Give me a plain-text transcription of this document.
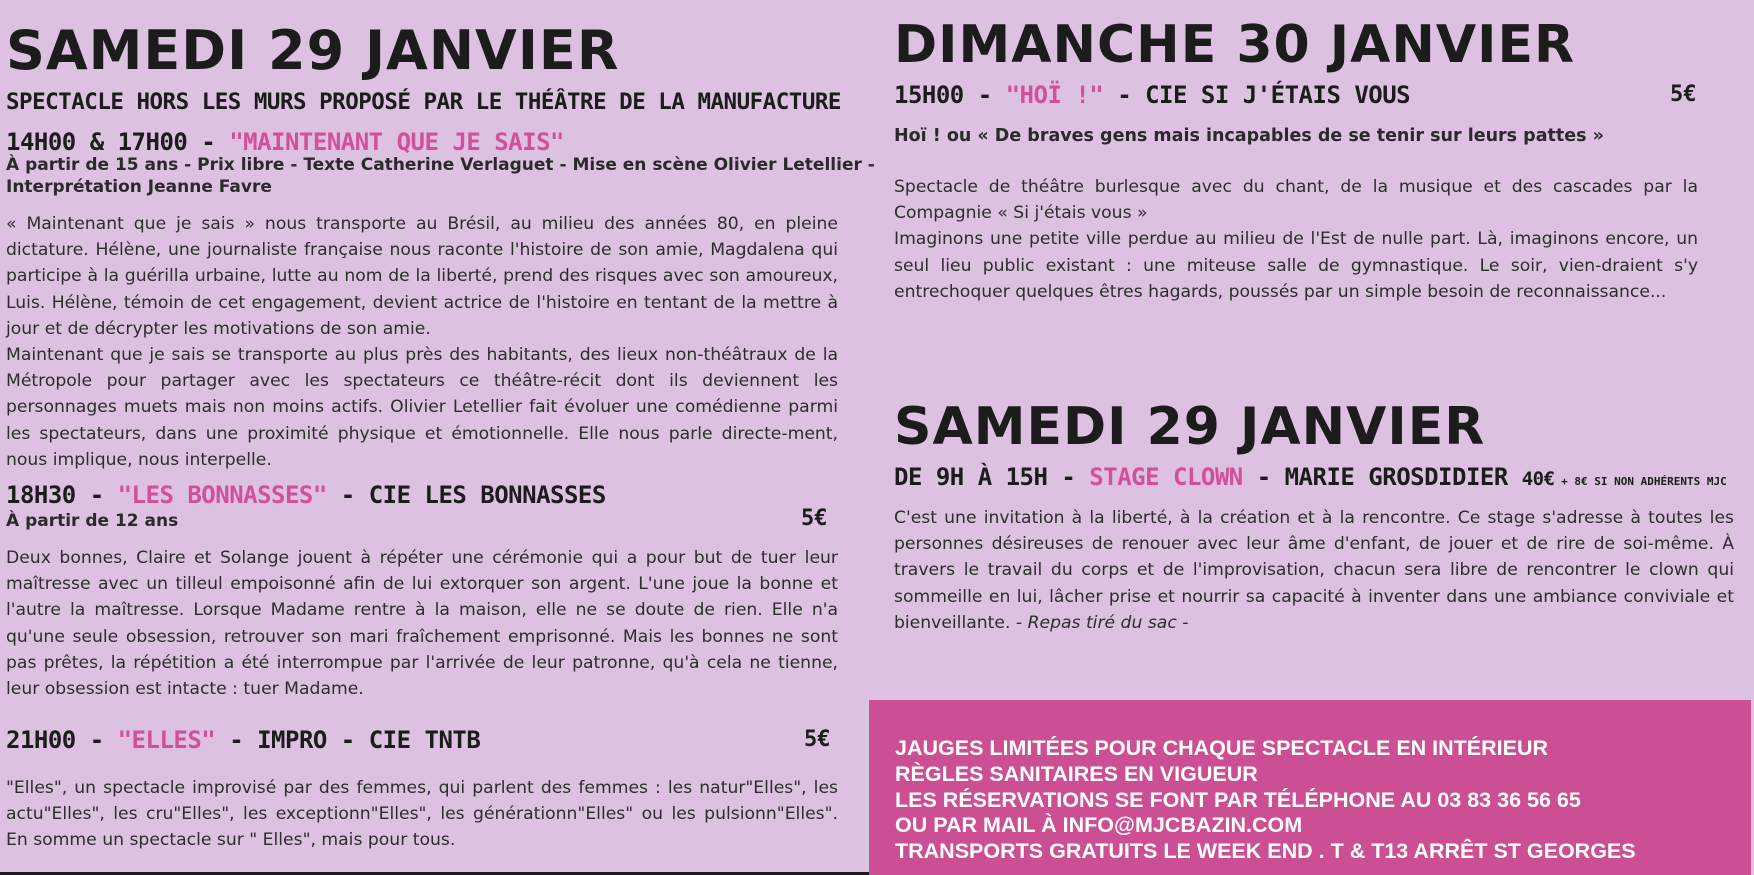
SAMEDI 29 JANVIER
SPECTACLE HORS LES MURS PROPOSÉ PAR LE THÉÂTRE DE LA MANUFACTURE
14H00 & 17H00 - "MAINTENANT QUE JE SAIS"
À partir de 15 ans - Prix libre - Texte Catherine Verlaguet - Mise en scène Olivier Letellier -
Interprétation Jeanne Favre

« Maintenant que je sais » nous transporte au Brésil, au milieu des années 80, en pleine dictature. Hélène, une journaliste française nous raconte l'histoire de son amie, Magdalena qui participe à la guérilla urbaine, lutte au nom de la liberté, prend des risques avec son amoureux, Luis. Hélène, témoin de cet engagement, devient actrice de l'histoire en tentant de la mettre à jour et de décrypter les motivations de son amie.

Maintenant que je sais se transporte au plus près des habitants, des lieux non-théâtraux de la Métropole pour partager avec les spectateurs ce théâtre-récit dont ils deviennent les personnages muets mais non moins actifs. Olivier Letellier fait évoluer une comédienne parmi les spectateurs, dans une proximité physique et émotionnelle. Elle nous parle directe-ment, nous implique, nous interpelle.

18H30 - "LES BONNASSES" - CIE LES BONNASSES
À partir de 12 ans	5€
Deux bonnes, Claire et Solange jouent à répéter une cérémonie qui a pour but de tuer leur maîtresse avec un tilleul empoisonné afin de lui extorquer son argent. L'une joue la bonne et l'autre la maîtresse. Lorsque Madame rentre à la maison, elle ne se doute de rien. Elle n'a qu'une seule obsession, retrouver son mari fraîchement emprisonné. Mais les bonnes ne sont pas prêtes, la répétition a été interrompue par l'arrivée de leur patronne, qu'à cela ne tienne, leur obsession est intacte : tuer Madame.
21H00 - "ELLES" - IMPRO - CIE TNTB	5€
"Elles", un spectacle improvisé par des femmes, qui parlent des femmes : les natur"Elles", les actu"Elles", les cru"Elles", les exceptionn"Elles", les générationn"Elles" ou les pulsionn"Elles". En somme un spectacle sur " Elles", mais pour tous.
DIMANCHE 30 JANVIER
15H00 - "HOÏ !" - CIE SI J'ÉTAIS VOUS	5€
Hoï ! ou « De braves gens mais incapables de se tenir sur leurs pattes »

Spectacle de théâtre burlesque avec du chant, de la musique et des cascades par la Compagnie « Si j'étais vous »

Imaginons une petite ville perdue au milieu de l'Est de nulle part. Là, imaginons encore, un seul lieu public existant : une miteuse salle de gymnastique. Le soir, vien-draient s'y entrechoquer quelques êtres hagards, poussés par un simple besoin de reconnaissance...

SAMEDI 29 JANVIER
DE 9H À 15H - STAGE CLOWN - MARIE GROSDIDIER 40€ + 8€ SI NON ADHÉRENTS MJC
C'est une invitation à la liberté, à la création et à la rencontre. Ce stage s'adresse à toutes les personnes désireuses de renouer avec leur âme d'enfant, de jouer et de rire de soi-même. À travers le travail du corps et de l'improvisation, chacun sera libre de rencontrer le clown qui sommeille en lui, lâcher prise et nourrir sa capacité à inventer dans une ambiance conviviale et bienveillante. - Repas tiré du sac -
JAUGES LIMITÉES POUR CHAQUE SPECTACLE EN INTÉRIEUR
RÈGLES SANITAIRES EN VIGUEUR
LES RÉSERVATIONS SE FONT PAR TÉLÉPHONE AU 03 83 36 56 65
OU PAR MAIL À INFO@MJCBAZIN.COM
TRANSPORTS GRATUITS LE WEEK END . T & T13 ARRÊT ST GEORGES
